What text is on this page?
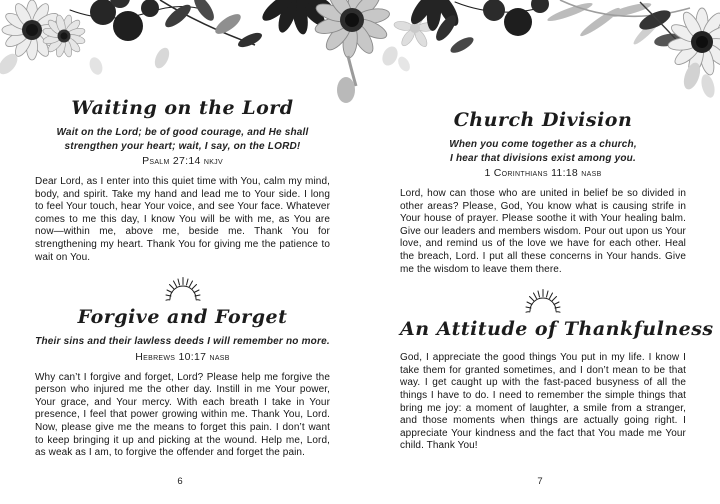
Waiting on the Lord
Wait on the Lord; be of good courage, and He shall
strengthen your heart; wait, I say, on the LORD!
Psalm 27:14 nkjv
Dear Lord, as I enter into this quiet time with You, calm my mind, body, and spirit. Take my hand and lead me to Your side. I long to feel Your touch, hear Your voice, and see Your face. Whatever comes to me this day, I know You will be with me, as You are now—within me, above me, beside me. Thank You for strengthening my heart. Thank You for giving me the patience to wait on You.
Forgive and Forget
Their sins and their lawless deeds I will remember no more.
Hebrews 10:17 nasb
Why can’t I forgive and forget, Lord? Please help me forgive the person who injured me the other day. Instill in me Your power, Your grace, and Your mercy. With each breath I take in Your presence, I feel that power growing within me. Thank You, Lord. Now, please give me the means to forget this pain. I don’t want to keep bringing it up and picking at the wound. Help me, Lord, as weak as I am, to forgive the offender and forget the pain.
6
Church Division
When you come together as a church,
I hear that divisions exist among you.
1 Corinthians 11:18 nasb
Lord, how can those who are united in belief be so divided in other areas? Please, God, You know what is causing strife in Your house of prayer. Please soothe it with Your healing balm. Give our leaders and members wisdom. Pour out upon us Your love, and remind us of the love we have for each other. Heal the breach, Lord. I put all these concerns in Your hands. Give me the wisdom to leave them there.
An Attitude of Thankfulness
God, I appreciate the good things You put in my life. I know I take them for granted sometimes, and I don’t mean to be that way. I get caught up with the fast-paced busyness of all the things I have to do. I need to remember the simple things that bring me joy: a moment of laughter, a smile from a stranger, and those moments when things are actually going right. I appreciate Your kindness and the fact that You made me Your child. Thank You!
7
